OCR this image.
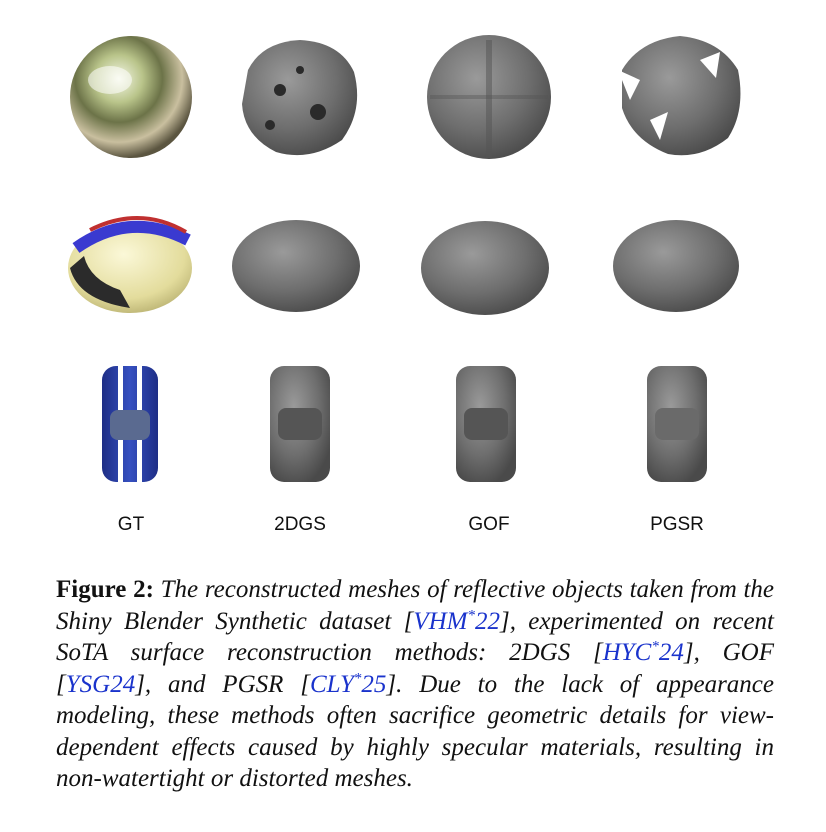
GT	2DGS	GOF	PGSR
Figure 2: The reconstructed meshes of reflective objects taken from the Shiny Blender Synthetic dataset [VHM*22], experimented on recent SoTA surface reconstruction methods: 2DGS [HYC*24], GOF [YSG24], and PGSR [CLY*25]. Due to the lack of appearance modeling, these methods often sacrifice geometric details for view-dependent effects caused by highly specular materials, resulting in non-watertight or distorted meshes.
